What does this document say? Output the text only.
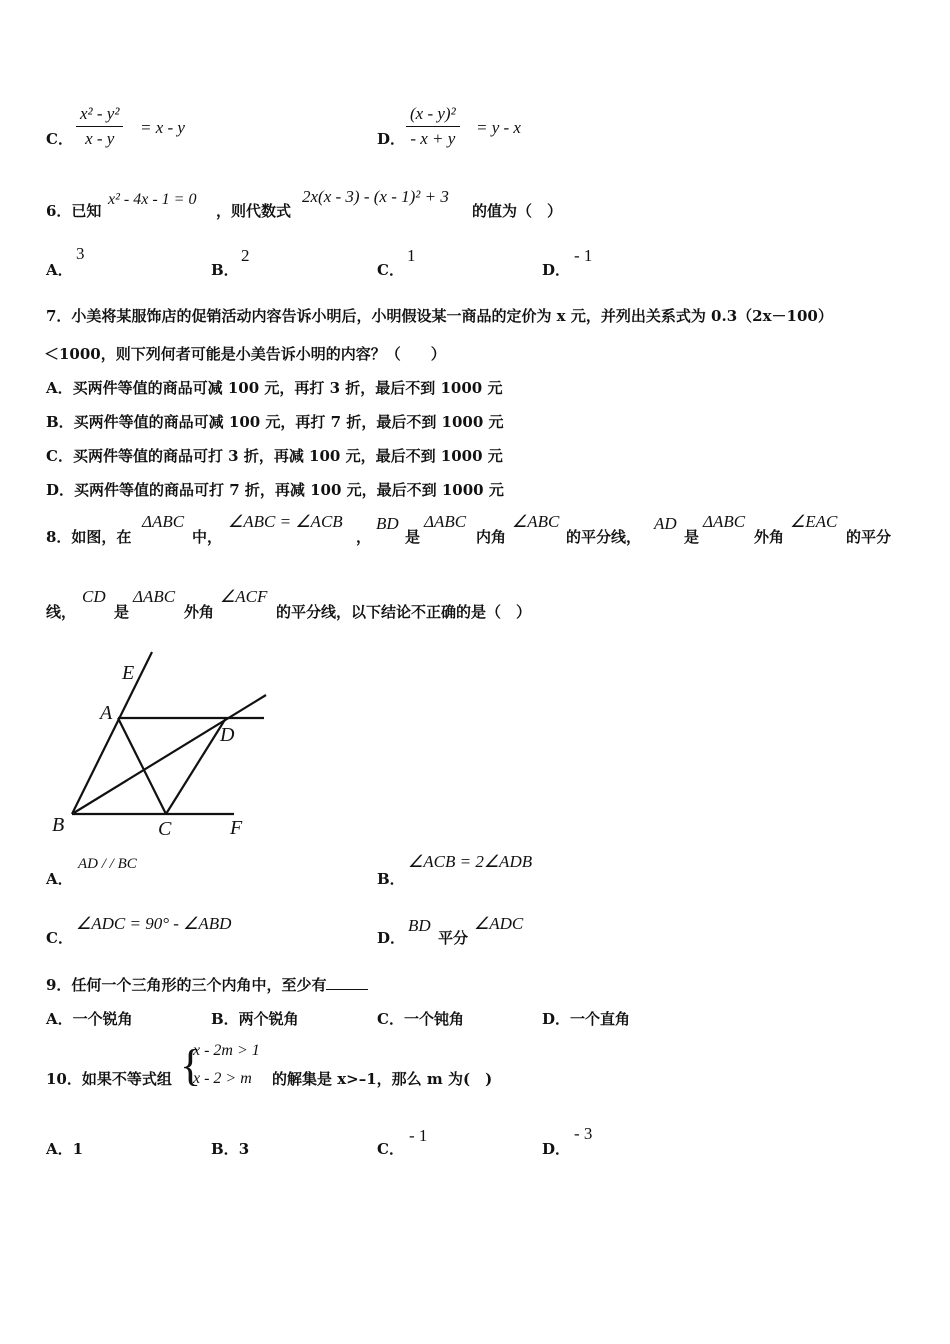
C． $\frac{\text{x² - y²}}{x - y} = x - y$
D． $\frac{\text{(x - y)²}}{- x + y} = y - x$
6．已知
x² - 4x - 1 = 0
，则代数式
2x(x - 3) - (x - 1)² + 3
的值为（　）
A．
3
B．
2
C．
1
D．
- 1
7．小美将某服饰店的促销活动内容告诉小明后，小明假设某一商品的定价为 x 元，并列出关系式为 0.3（2x－100）
＜1000，则下列何者可能是小美告诉小明的内容？（　　）
A．买两件等值的商品可减 100 元，再打 3 折，最后不到 1000 元
B．买两件等值的商品可减 100 元，再打 7 折，最后不到 1000 元
C．买两件等值的商品可打 3 折，再减 100 元，最后不到 1000 元
D．买两件等值的商品可打 7 折，再减 100 元，最后不到 1000 元
8．如图，在
ΔABC
中，
∠ABC = ∠ACB
，
BD
是
ΔABC
内角
∠ABC
的平分线，
AD
是
ΔABC
外角
∠EAC
的平分
线，
CD
是
ΔABC
外角
∠ACF
的平分线，以下结论不正确的是（　）
E
A
D
B	C	F
A．
AD / / BC
B．
∠ACB = 2∠ADB
C．
∠ADC = 90° - ∠ABD
D．
BD
平分
∠ADC
9．任何一个三角形的三个内角中，至少有
A．一个锐角	B．两个锐角	C．一个钝角	D．一个直角
10．如果不等式组 {
x - 2m > 1
x - 2 > m 的解集是 x>–1，那么 m 为(　)
A．1	B．3	C．
- 1
D．
- 3
